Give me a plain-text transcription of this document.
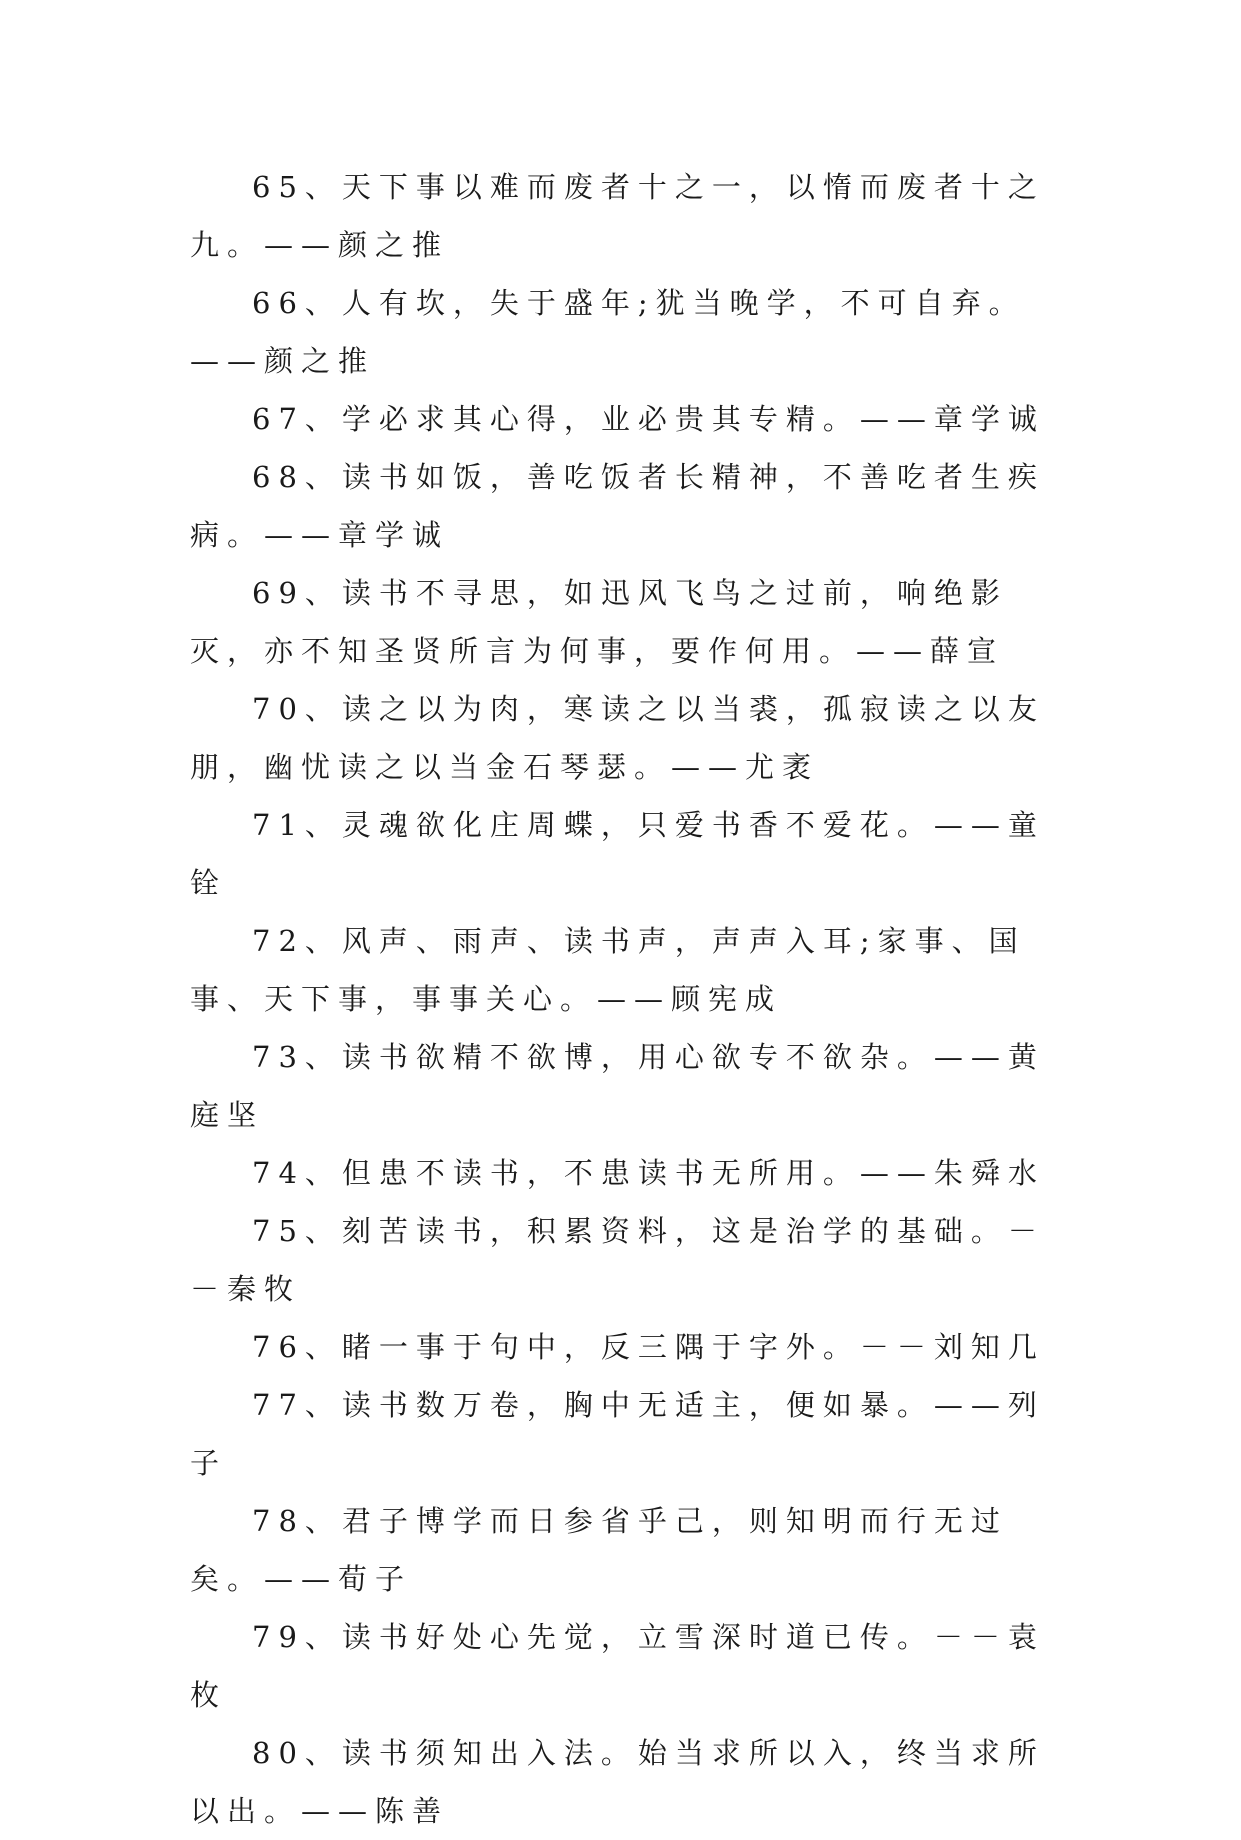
65、天下事以难而废者十之一，以惰而废者十之九。——颜之推

66、人有坎，失于盛年;犹当晚学，不可自弃。——颜之推

67、学必求其心得，业必贵其专精。——章学诚

68、读书如饭，善吃饭者长精神，不善吃者生疾病。——章学诚

69、读书不寻思，如迅风飞鸟之过前，响绝影灭，亦不知圣贤所言为何事，要作何用。——薛宣

70、读之以为肉，寒读之以当裘，孤寂读之以友朋，幽忧读之以当金石琴瑟。——尤袤

71、灵魂欲化庄周蝶，只爱书香不爱花。——童铨

72、风声、雨声、读书声，声声入耳;家事、国事、天下事，事事关心。——顾宪成

73、读书欲精不欲博，用心欲专不欲杂。——黄庭坚

74、但患不读书，不患读书无所用。——朱舜水

75、刻苦读书，积累资料，这是治学的基础。－－秦牧

76、睹一事于句中，反三隅于字外。－－刘知几

77、读书数万卷，胸中无适主，便如暴。——列子

78、君子博学而日参省乎己，则知明而行无过矣。——荀子

79、读书好处心先觉，立雪深时道已传。－－袁枚

80、读书须知出入法。始当求所以入，终当求所以出。——陈善
